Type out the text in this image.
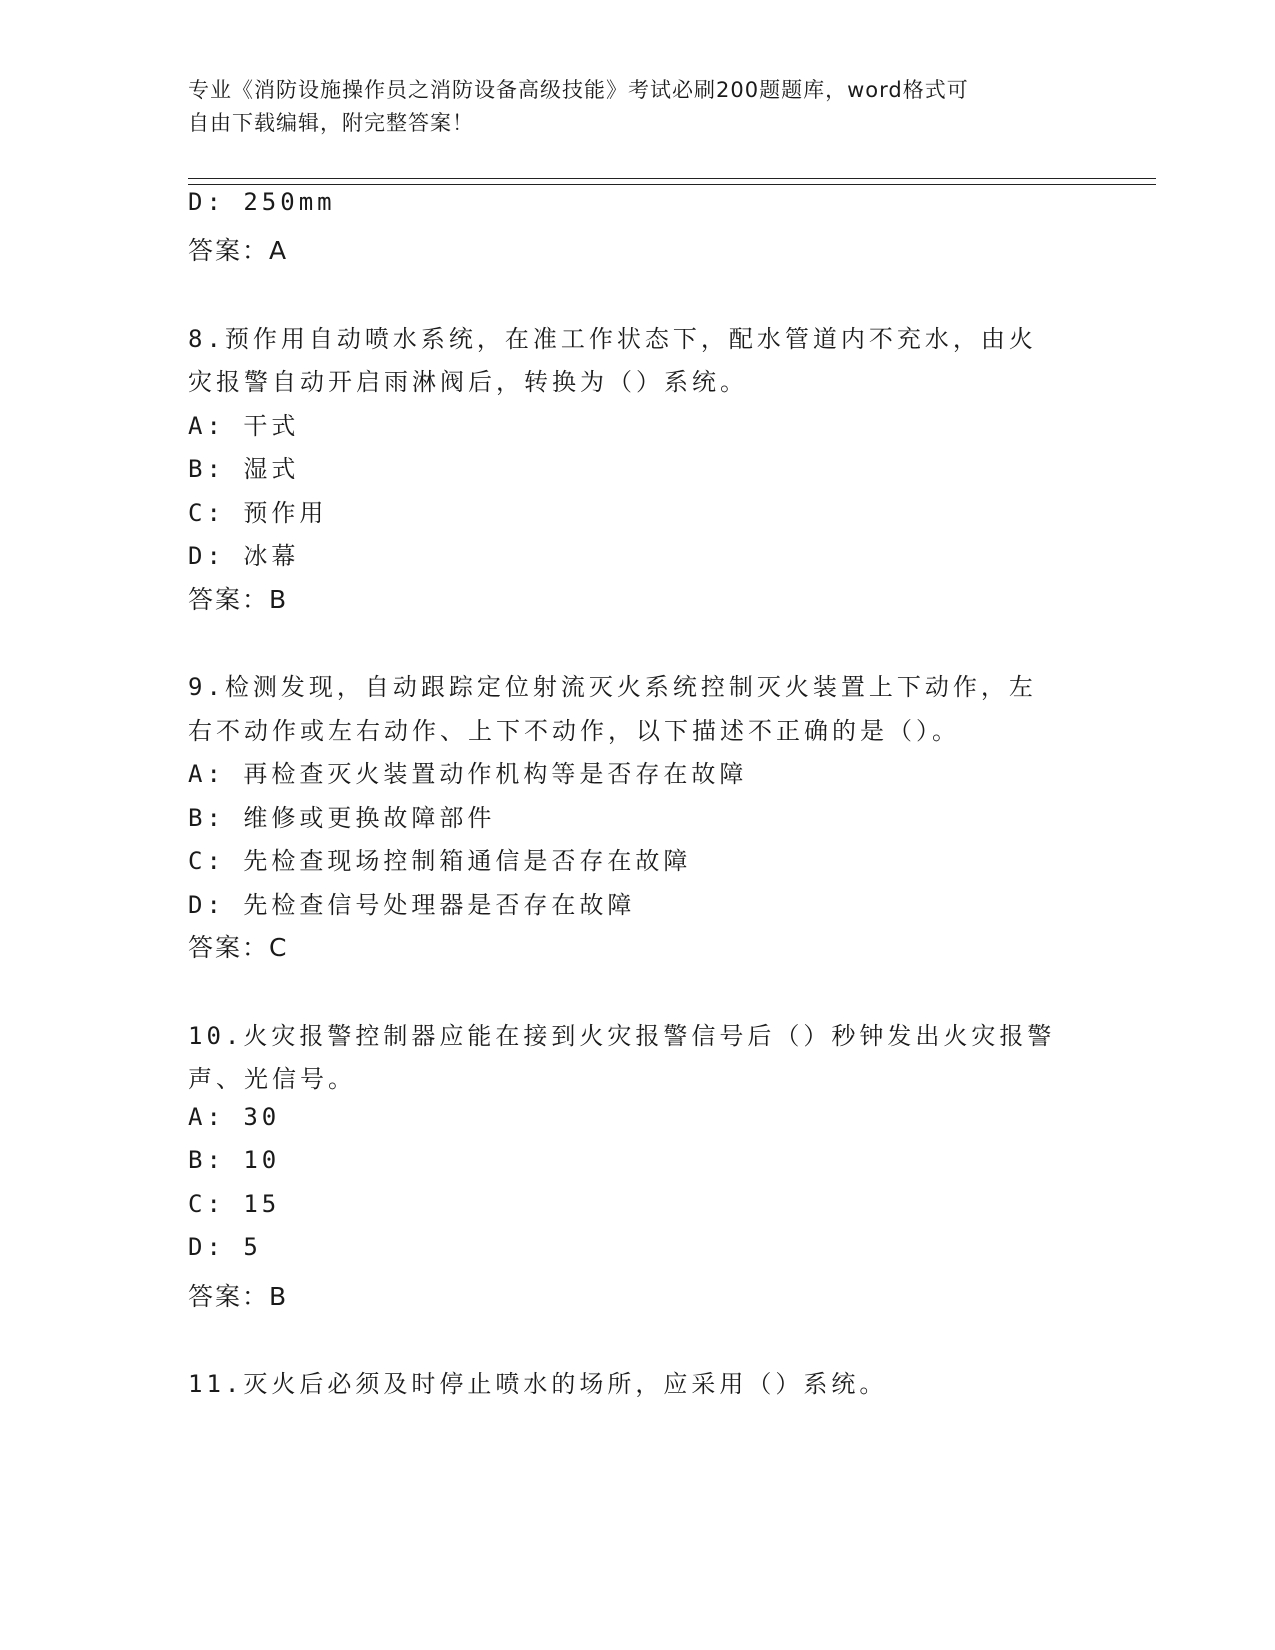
专业《消防设施操作员之消防设备高级技能》考试必刷200题题库，word格式可
自由下载编辑，附完整答案！
D: 250mm
答案：A
8.预作用自动喷水系统，在准工作状态下，配水管道内不充水，由火
灾报警自动开启雨淋阀后，转换为（）系统。
A: 干式
B: 湿式
C: 预作用
D: 冰幕
答案：B
9.检测发现，自动跟踪定位射流灭火系统控制灭火装置上下动作，左
右不动作或左右动作、上下不动作，以下描述不正确的是（）。
A: 再检查灭火装置动作机构等是否存在故障
B: 维修或更换故障部件
C: 先检查现场控制箱通信是否存在故障
D: 先检查信号处理器是否存在故障
答案：C
10.火灾报警控制器应能在接到火灾报警信号后（）秒钟发出火灾报警
声、光信号。
A: 30
B: 10
C: 15
D: 5
答案：B
11.灭火后必须及时停止喷水的场所，应采用（）系统。
